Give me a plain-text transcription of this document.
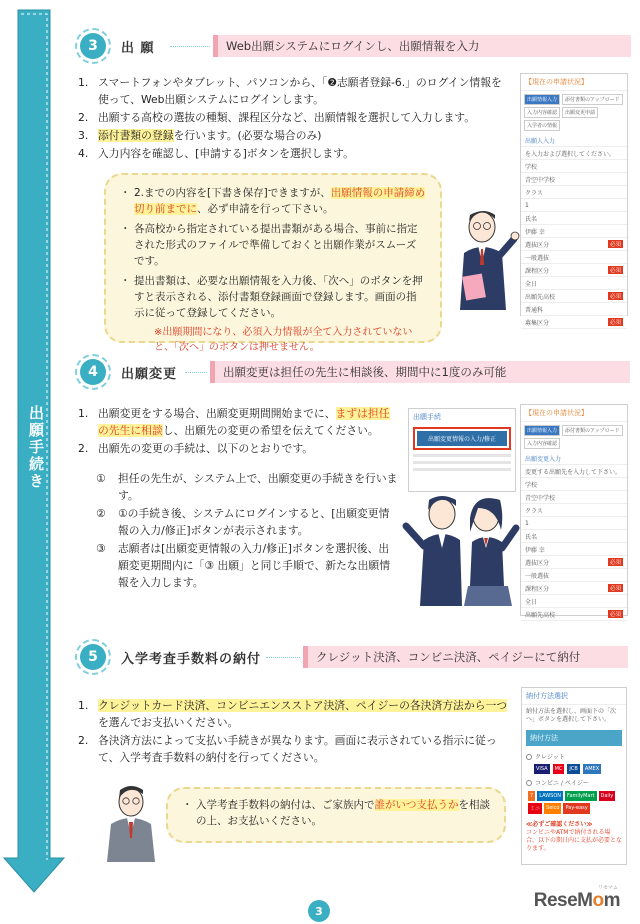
出願手続き
3	出 願	Web出願システムにログインし、出願情報を入力
1. スマートフォンやタブレット、パソコンから、「❷志願者登録-6.」のログイン情報を使って、Web出願システムにログインします。
2. 出願する高校の選抜の種類、課程区分など、出願情報を選択して入力します。
3. 添付書類の登録を行います。(必要な場合のみ)
4. 入力内容を確認し、[申請する]ボタンを選択します。
・ 2.までの内容を[下書き保存]できますが、出願情報の申請締め切り前までに、必ず申請を行って下さい。
・ 各高校から指定されている提出書類がある場合、事前に指定された形式のファイルで準備しておくと出願作業がスムーズです。
・ 提出書類は、必要な出願情報を入力後、「次へ」のボタンを押すと表示される、添付書類登録画面で登録します。画面の指示に従って登録してください。
※出願期間になり、必須入力情報が全て入力されていないと、「次へ」のボタンは押せません。
【現在の申請状況】
出願情報入力	添付書類のアップロード
入力内容確認	出願変更申請
入学者の情報
出願人入力
を入力および選択してください。
学校
青空中学校
クラス
1
氏名
伊藤 幸
選抜区分	必須
一般選抜
課程区分	必須
全日
出願先高校	必須
普通科
募集区分	必須
4	出願変更	出願変更は担任の先生に相談後、期間中に1度のみ可能
1. 出願変更をする場合、出願変更期間開始までに、まずは担任の先生に相談し、出願先の変更の希望を伝えてください。
2. 出願先の変更の手続は、以下のとおりです。
①	担任の先生が、システム上で、出願変更の手続きを行います。
②	①の手続き後、システムにログインすると、[出願変更情報の入力/修正]ボタンが表示されます。
③	志願者は[出願変更情報の入力/修正]ボタンを選択後、出願変更期間内に「③ 出願」と同じ手順で、新たな出願情報を入力します。
出願手続
出願変更情報の入力/修正
【現在の申請状況】
出願情報入力	添付書類のアップロード
入力内容確認
出願変更入力
変更する出願先を入力して下さい。
学校
青空中学校
クラス
1
氏名
伊藤 幸
選抜区分	必須
一般選抜
課程区分	必須
全日
出願先高校	必須
5	入学考査手数料の納付	クレジット決済、コンビニ決済、ペイジーにて納付
1. クレジットカード決済、コンビニエンスストア決済、ペイジーの各決済方法から一つを選んでお支払いください。
2. 各決済方法によって支払い手続きが異なります。画面に表示されている指示に従って、入学考査手数料の納付を行ってください。
・ 入学考査手数料の納付は、ご家族内で誰がいつ支払うかを相談の上、お支払いください。
納付方法選択
納付方法を選択し、画面下の「次へ」ボタンを選択して下さい。
納付方法
クレジット
VISA	MC	JCB	AMEX
コンビニ / ペイジー
7	LAWSON	FamilyMart	Daily
ミニ	Seico	Pay-easy
≪必ずご確認ください≫
コンビニやATMで納付される場合、以下の期日内に支払が必要となります。
3
リセマム
ReseMom
